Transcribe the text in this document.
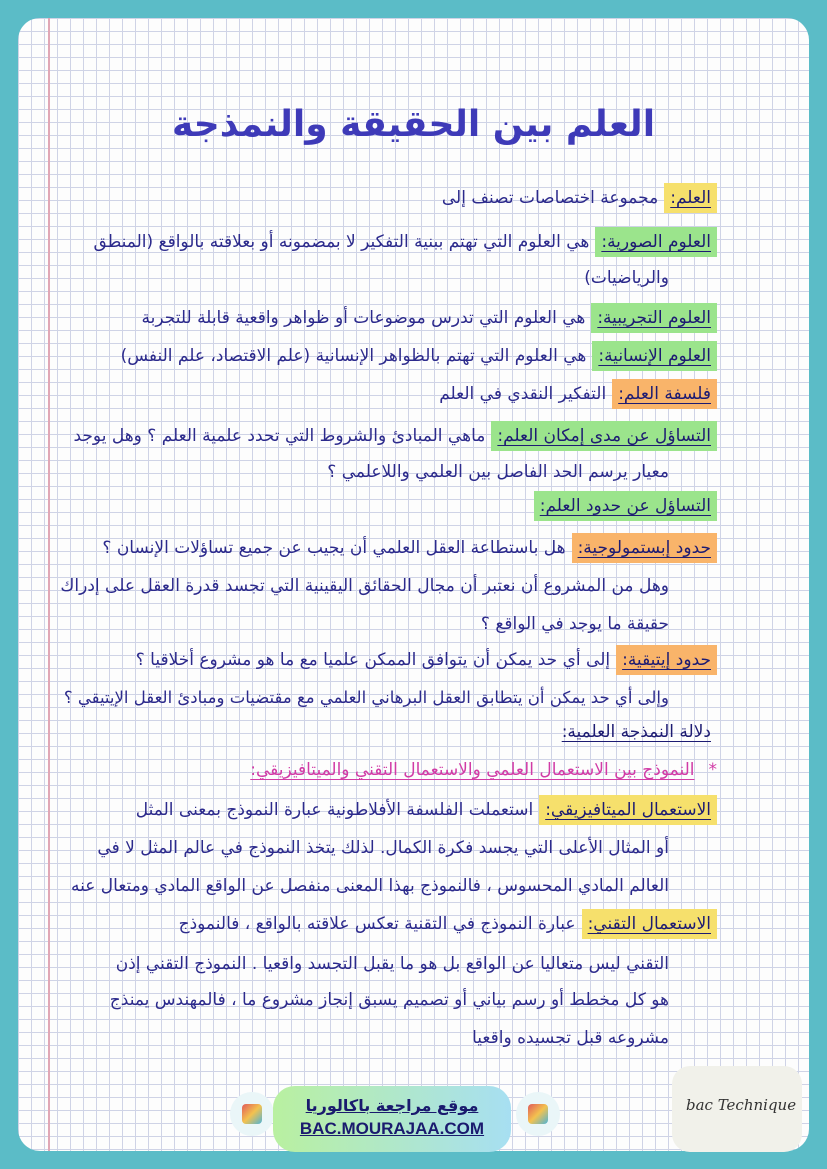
العلم بين الحقيقة والنمذجة
العلم:مجموعة اختصاصات تصنف إلى
العلوم الصورية:هي العلوم التي تهتم ببنية التفكير لا بمضمونه أو بعلاقته بالواقع (المنطق
والرياضيات)
العلوم التجريبية:هي العلوم التي تدرس موضوعات أو ظواهر واقعية قابلة للتجربة
العلوم الإنسانية:هي العلوم التي تهتم بالظواهر الإنسانية (علم الاقتصاد، علم النفس)
فلسفة العلم:التفكير النقدي في العلم
التساؤل عن مدى إمكان العلم:ماهي المبادئ والشروط التي تحدد علمية العلم ؟ وهل يوجد
معيار يرسم الحد الفاصل بين العلمي واللاعلمي ؟
التساؤل عن حدود العلم:
حدود إبستمولوجية:هل باستطاعة العقل العلمي أن يجيب عن جميع تساؤلات الإنسان ؟
وهل من المشروع أن نعتبر أن مجال الحقائق اليقينية التي تجسد قدرة العقل على إدراك
حقيقة ما يوجد في الواقع ؟
حدود إيتيقية:إلى أي حد يمكن أن يتوافق الممكن علميا مع ما هو مشروع أخلاقيا ؟
وإلى أي حد يمكن أن يتطابق العقل البرهاني العلمي مع مقتضيات ومبادئ العقل الإيتيقي ؟
دلالة النمذجة العلمية:
*النموذج بين الاستعمال العلمي والاستعمال التقني والميتافيزيقي:
الاستعمال الميتافيزيقي:استعملت الفلسفة الأفلاطونية عبارة النموذج بمعنى المثل
أو المثال الأعلى التي يجسد فكرة الكمال. لذلك يتخذ النموذج في عالم المثل لا في
العالم المادي المحسوس ، فالنموذج بهذا المعنى منفصل عن الواقع المادي ومتعال عنه
الاستعمال التقني:عبارة النموذج في التقنية تعكس علاقته بالواقع ، فالنموذج
التقني ليس متعاليا عن الواقع بل هو ما يقبل التجسد واقعيا . النموذج التقني إذن
هو كل مخطط أو رسم بياني أو تصميم يسبق إنجاز مشروع ما ، فالمهندس يمنذج
مشروعه قبل تجسيده واقعيا
موقع مراجعة باكالوريا
BAC.MOURAJAA.COM
bac Technique
